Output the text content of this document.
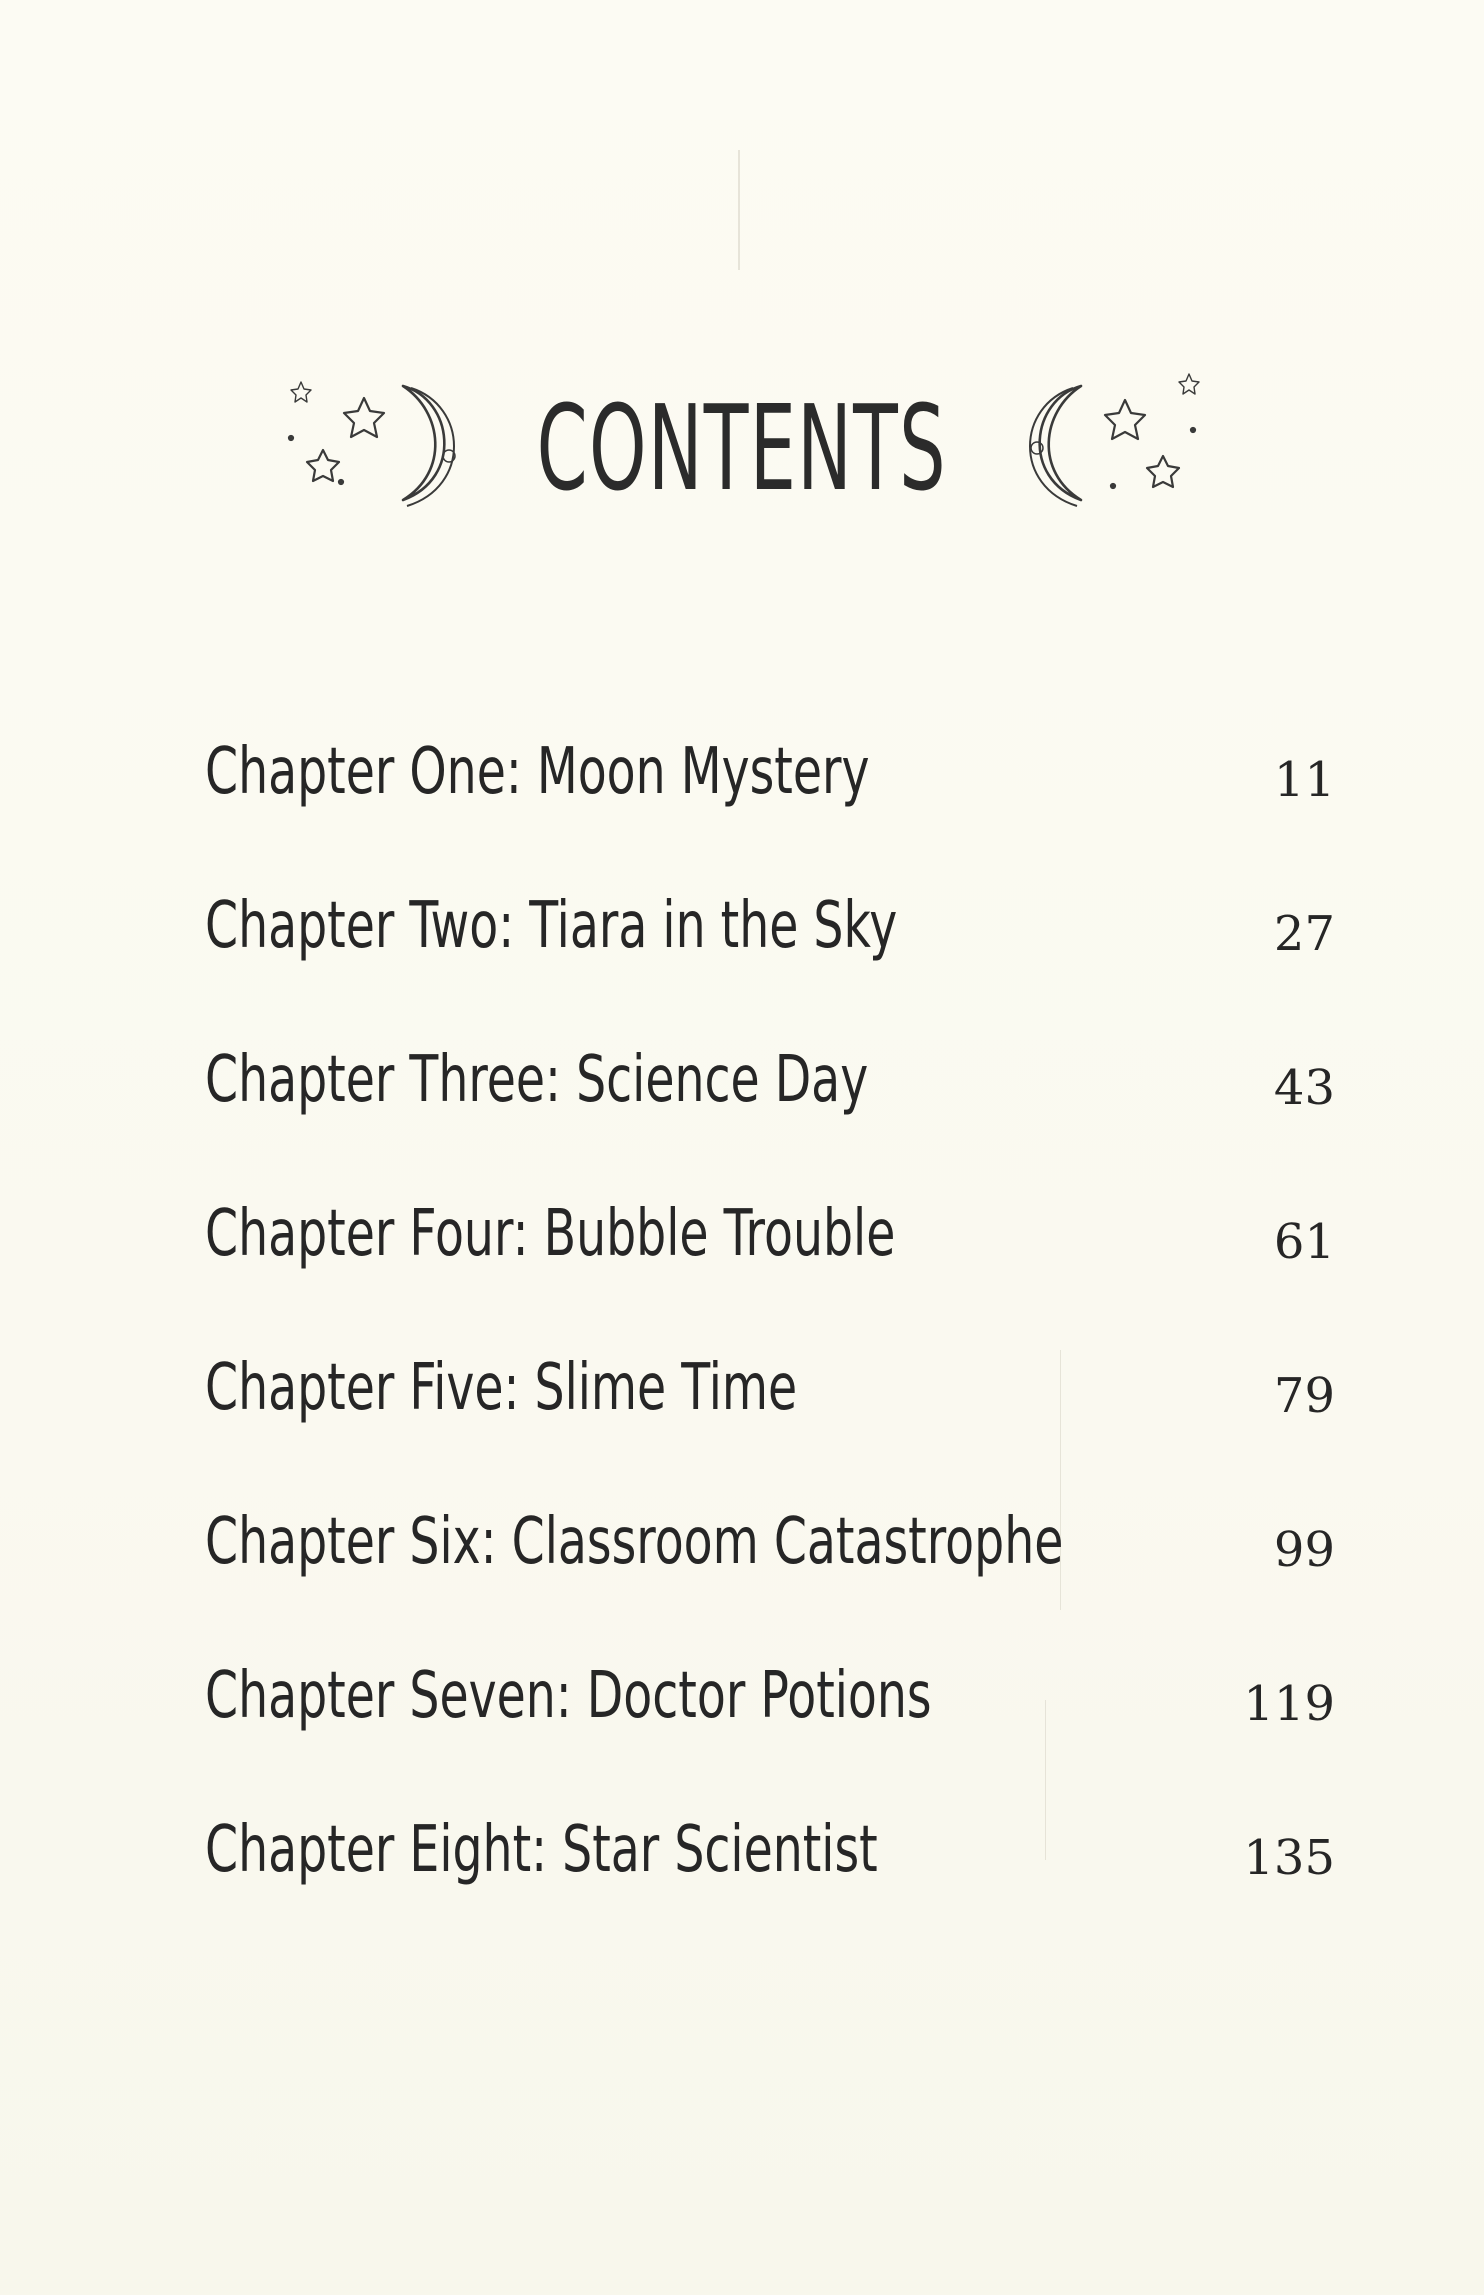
CONTENTS
Chapter One: Moon Mystery	11
Chapter Two: Tiara in the Sky	27
Chapter Three: Science Day	43
Chapter Four: Bubble Trouble	61
Chapter Five: Slime Time	79
Chapter Six: Classroom Catastrophe	99
Chapter Seven: Doctor Potions	119
Chapter Eight: Star Scientist	135
